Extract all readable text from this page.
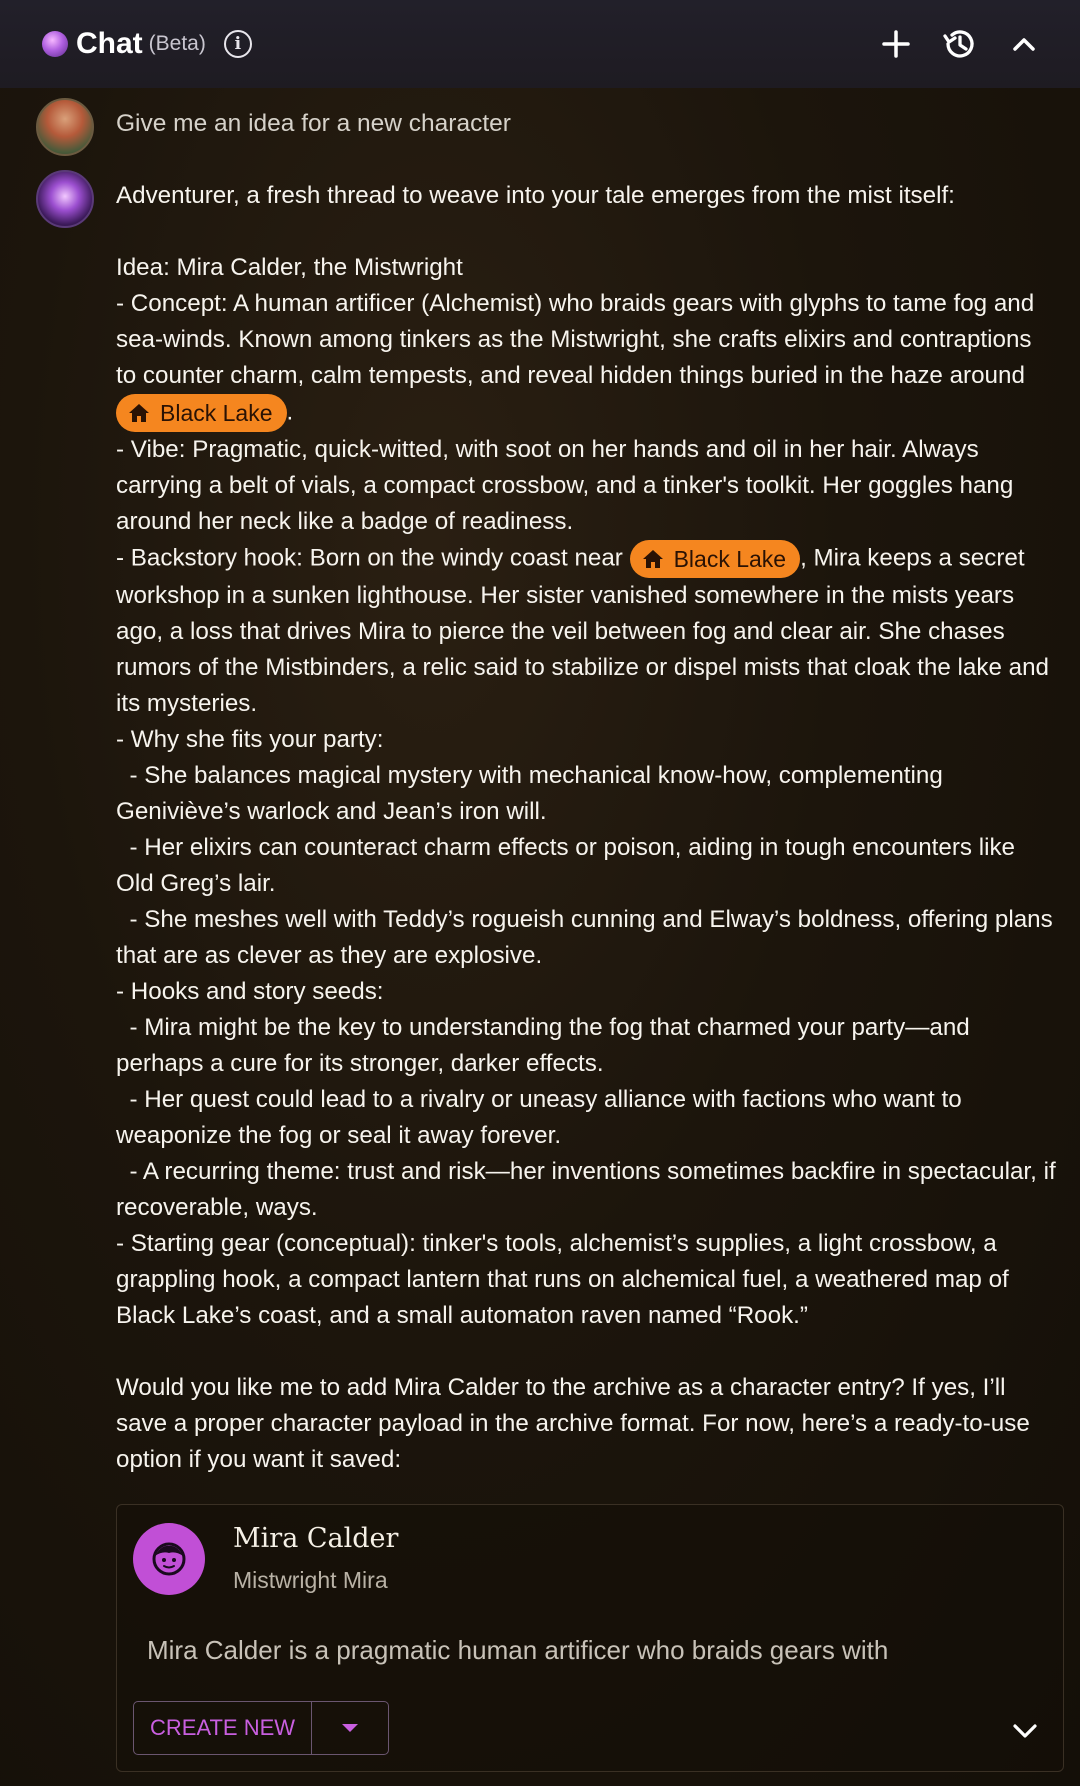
Chat (Beta)	i
Give me an idea for a new character
Adventurer, a fresh thread to weave into your tale emerges from the mist itself:

Idea: Mira Calder, the Mistwright
- Concept: A human artificer (Alchemist) who braids gears with glyphs to tame fog and sea-winds. Known among tinkers as the Mistwright, she crafts elixirs and contraptions to counter charm, calm tempests, and reveal hidden things buried in the haze around
Black Lake .
- Vibe: Pragmatic, quick-witted, with soot on her hands and oil in her hair. Always carrying a belt of vials, a compact crossbow, and a tinker's toolkit. Her goggles hang around her neck like a badge of readiness.
- Backstory hook: Born on the windy coast near Black Lake , Mira keeps a secret workshop in a sunken lighthouse. Her sister vanished somewhere in the mists years ago, a loss that drives Mira to pierce the veil between fog and clear air. She chases rumors of the Mistbinders, a relic said to stabilize or dispel mists that cloak the lake and its mysteries.
- Why she fits your party:
- She balances magical mystery with mechanical know-how, complementing Geniviève’s warlock and Jean’s iron will.
- Her elixirs can counteract charm effects or poison, aiding in tough encounters like Old Greg’s lair.
- She meshes well with Teddy’s rogueish cunning and Elway’s boldness, offering plans that are as clever as they are explosive.
- Hooks and story seeds:
- Mira might be the key to understanding the fog that charmed your party—and perhaps a cure for its stronger, darker effects.
- Her quest could lead to a rivalry or uneasy alliance with factions who want to weaponize the fog or seal it away forever.
- A recurring theme: trust and risk—her inventions sometimes backfire in spectacular, if recoverable, ways.
- Starting gear (conceptual): tinker's tools, alchemist’s supplies, a light crossbow, a grappling hook, a compact lantern that runs on alchemical fuel, a weathered map of Black Lake’s coast, and a small automaton raven named “Rook.”

Would you like me to add Mira Calder to the archive as a character entry? If yes, I’ll save a proper character payload in the archive format. For now, here’s a ready-to-use option if you want it saved:
Mira Calder
Mistwright Mira
Mira Calder is a pragmatic human artificer who braids gears with
CREATE NEW
